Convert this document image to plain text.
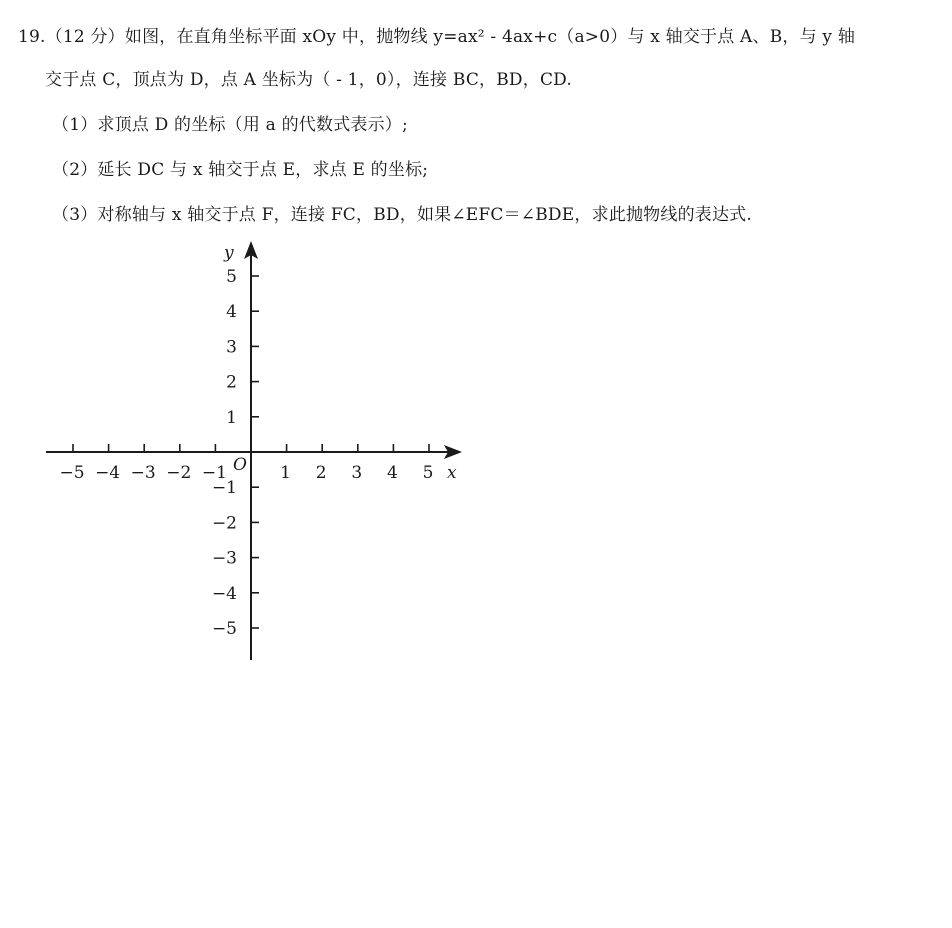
19.（12 分）如图，在直角坐标平面 xOy 中，抛物线 y=ax² - 4ax+c（a>0）与 x 轴交于点 A、B，与 y 轴
交于点 C，顶点为 D，点 A 坐标为（ - 1，0），连接 BC，BD，CD.
（1）求顶点 D 的坐标（用 a 的代数式表示）;
（2）延长 DC 与 x 轴交于点 E，求点 E 的坐标;
（3）对称轴与 x 轴交于点 F，连接 FC，BD，如果∠EFC＝∠BDE，求此抛物线的表达式.
−5 −4 −3 −2 −1	1 2 3 4 5
5
4
3
2
1
−1
−2
−3
−4
−5
x
y
O
